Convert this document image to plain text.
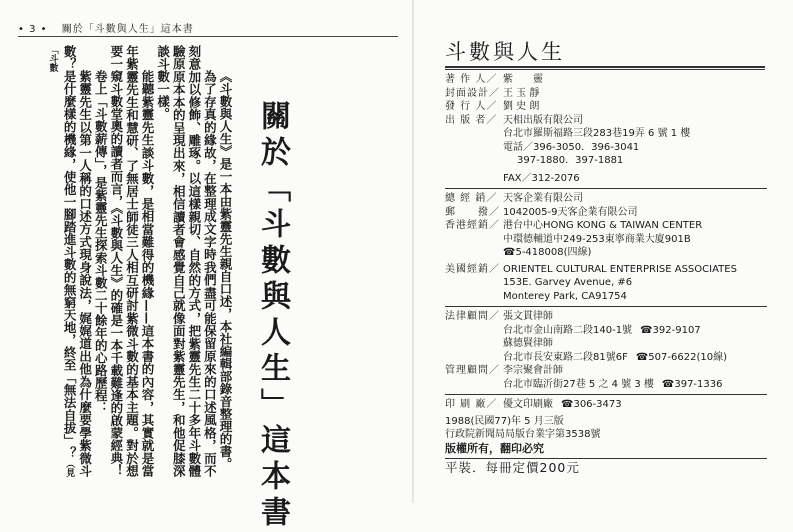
• 3 • 關於「斗數與人生」這本書

《斗數與人生》是一本由紫靈先生親自口述，本社編輯部錄音整理的書。

為了存真的緣故，在整理成文字時我們盡可能保留原來的口述風格，而不刻意加以修飾、雕琢。以這樣親切、自然的方式，把紫靈先生二十多年斗數體驗原原本本的呈現出來，相信讀者會感覺自己就像面對紫靈先生，和他促膝深談斗數一樣。

能聽紫靈先生談斗數，是相當難得的機緣——這本書的內容，其實就是當年紫靈先生和慧研、了無居士師徒三人相互研討紫微斗數的基本主題。對於想要一窺斗數堂奧的讀者而言，《斗數與人生》的確是一本千載難逢的啟蒙經典！

卷上「斗數薪傳」，是紫靈先生探索斗數二十餘年的心路歷程：

紫靈先生以第一人稱的口述方式現身說法，娓娓道出他為什麼要學紫微斗數？是什麼樣的機緣，使他一腳踏進斗數的無窮天地，終至「無法自拔」？（見「斗數

關於「斗數與人生」這本書
斗數與人生
著 作 人／ 紫　　靈
封面設計／ 王 玉 靜
發 行 人／ 劉 史 朗
出 版 者／ 天相出版有限公司
台北市羅斯福路三段283巷19弄 6 號 1 樓
電話／396-3050．396-3041
397-1880．397-1881
FAX／312-2076
總 經 銷／ 天客企業有限公司
郵　　撥／ 1042005-9天客企業有限公司
香港經銷／ 港台中心HONG KONG & TAIWAN CENTER
中環德輔道中249-253東寧商業大廈901B
☎5-418008(四線)
美國經銷／ ORIENTEL CULTURAL ENTERPRISE ASSOCIATES
153E. Garvey Avenue, #6
Monterey Park, CA91754
法律顧問／ 張文貫律師
台北市金山南路二段140-1號 ☎392-9107
蘇德賢律師
台北市長安東路二段81號6F ☎507-6622(10線)
管理顧問／ 李宗聚會計師
台北市臨沂街27巷 5 之 4 號 3 樓 ☎397-1336
印 刷 廠／ 優文印刷廠 ☎306-3473
1988(民國77)年 5 月三版
行政院新聞局局版台業字第3538號
版權所有，翻印必究
平裝．每冊定價200元
